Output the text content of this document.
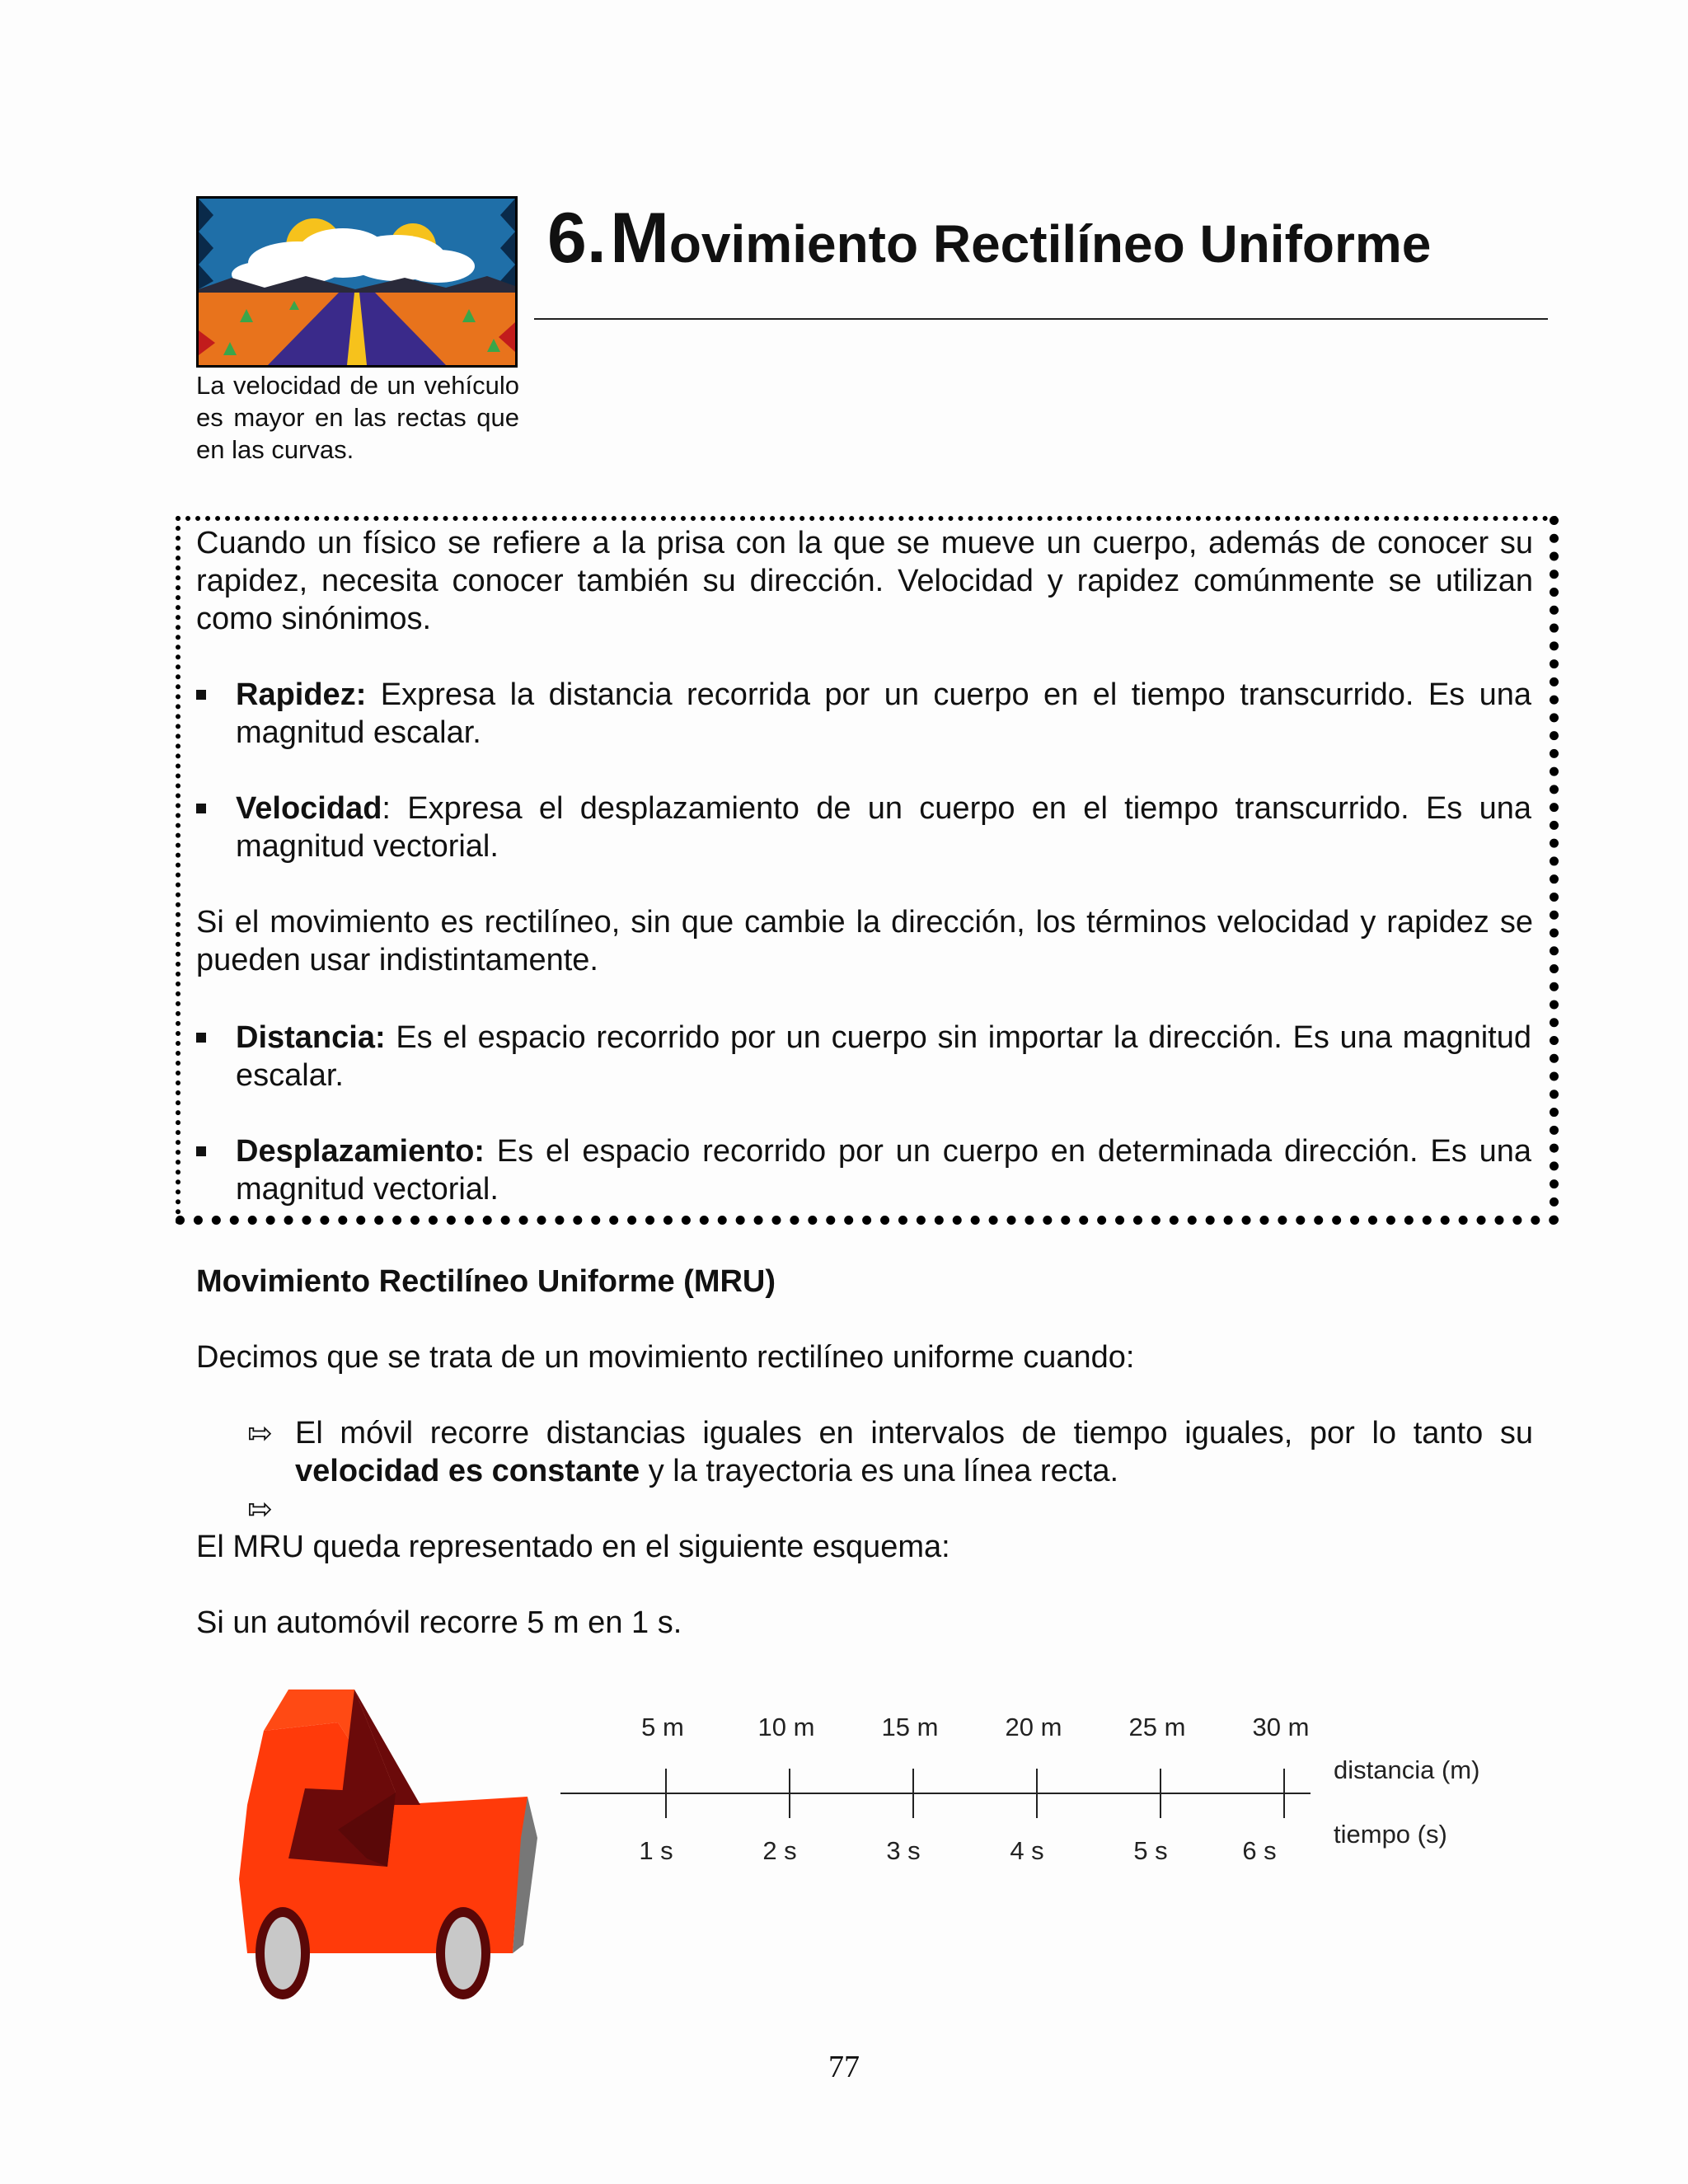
La velocidad de un vehículo es mayor en las rectas que en las curvas.
6. Movimiento Rectilíneo Uniforme
Cuando un físico se refiere a la prisa con la que se mueve un cuerpo, además de conocer su rapidez, necesita conocer también su dirección. Velocidad y rapidez comúnmente se utilizan como sinónimos.
Rapidez: Expresa la distancia recorrida por un cuerpo en el tiempo transcurrido. Es una magnitud escalar.
Velocidad: Expresa el desplazamiento de un cuerpo en el tiempo transcurrido. Es una magnitud vectorial.
Si el movimiento es rectilíneo, sin que cambie la dirección, los términos velocidad y rapidez se pueden usar indistintamente.
Distancia: Es el espacio recorrido por un cuerpo sin importar la dirección. Es una magnitud escalar.
Desplazamiento: Es el espacio recorrido por un cuerpo en determinada dirección. Es una magnitud vectorial.
Movimiento Rectilíneo Uniforme (MRU)
Decimos que se trata de un movimiento rectilíneo uniforme cuando:
⇰ El móvil recorre distancias iguales en intervalos de tiempo iguales, por lo tanto su velocidad es constante y la trayectoria es una línea recta.
⇰
El MRU queda representado en el siguiente esquema:
Si un automóvil recorre 5 m en 1 s.
5 m	10 m	15 m	20 m	25 m	30 m
1 s	2 s	3 s	4 s	5 s	6 s
distancia (m)
tiempo (s)
77
